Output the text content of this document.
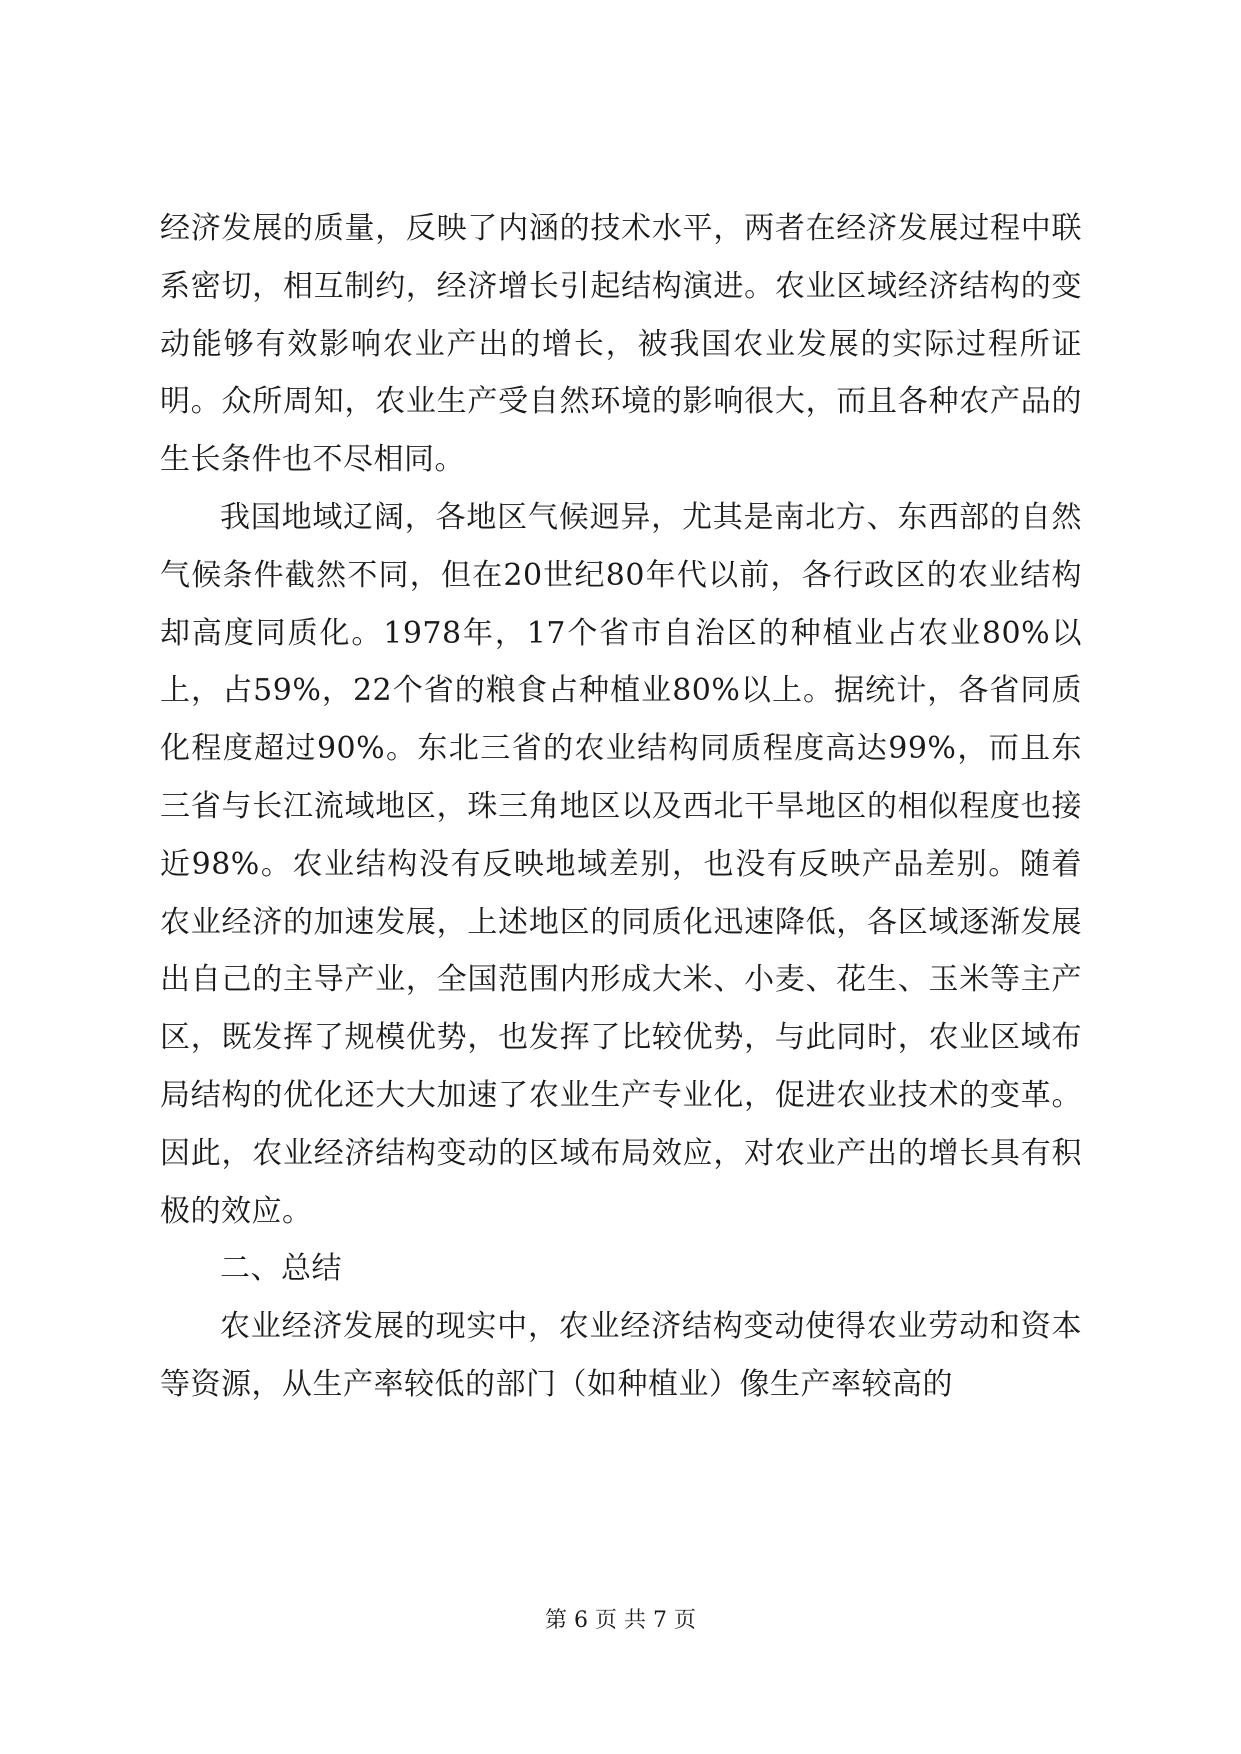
经济发展的质量，反映了内涵的技术水平，两者在经济发展过程中联系密切，相互制约，经济增长引起结构演进。农业区域经济结构的变动能够有效影响农业产出的增长，被我国农业发展的实际过程所证明。众所周知，农业生产受自然环境的影响很大，而且各种农产品的生长条件也不尽相同。

我国地域辽阔，各地区气候迥异，尤其是南北方、东西部的自然气候条件截然不同，但在20世纪80年代以前，各行政区的农业结构却高度同质化。1978年，17个省市自治区的种植业占农业80%以上，占59%，22个省的粮食占种植业80%以上。据统计，各省同质化程度超过90%。东北三省的农业结构同质程度高达99%，而且东三省与长江流域地区，珠三角地区以及西北干旱地区的相似程度也接近98%。农业结构没有反映地域差别，也没有反映产品差别。随着农业经济的加速发展，上述地区的同质化迅速降低，各区域逐渐发展出自己的主导产业，全国范围内形成大米、小麦、花生、玉米等主产区，既发挥了规模优势，也发挥了比较优势，与此同时，农业区域布局结构的优化还大大加速了农业生产专业化，促进农业技术的变革。因此，农业经济结构变动的区域布局效应，对农业产出的增长具有积极的效应。

二、总结

农业经济发展的现实中，农业经济结构变动使得农业劳动和资本等资源，从生产率较低的部门（如种植业）像生产率较高的

第 6 页 共 7 页
